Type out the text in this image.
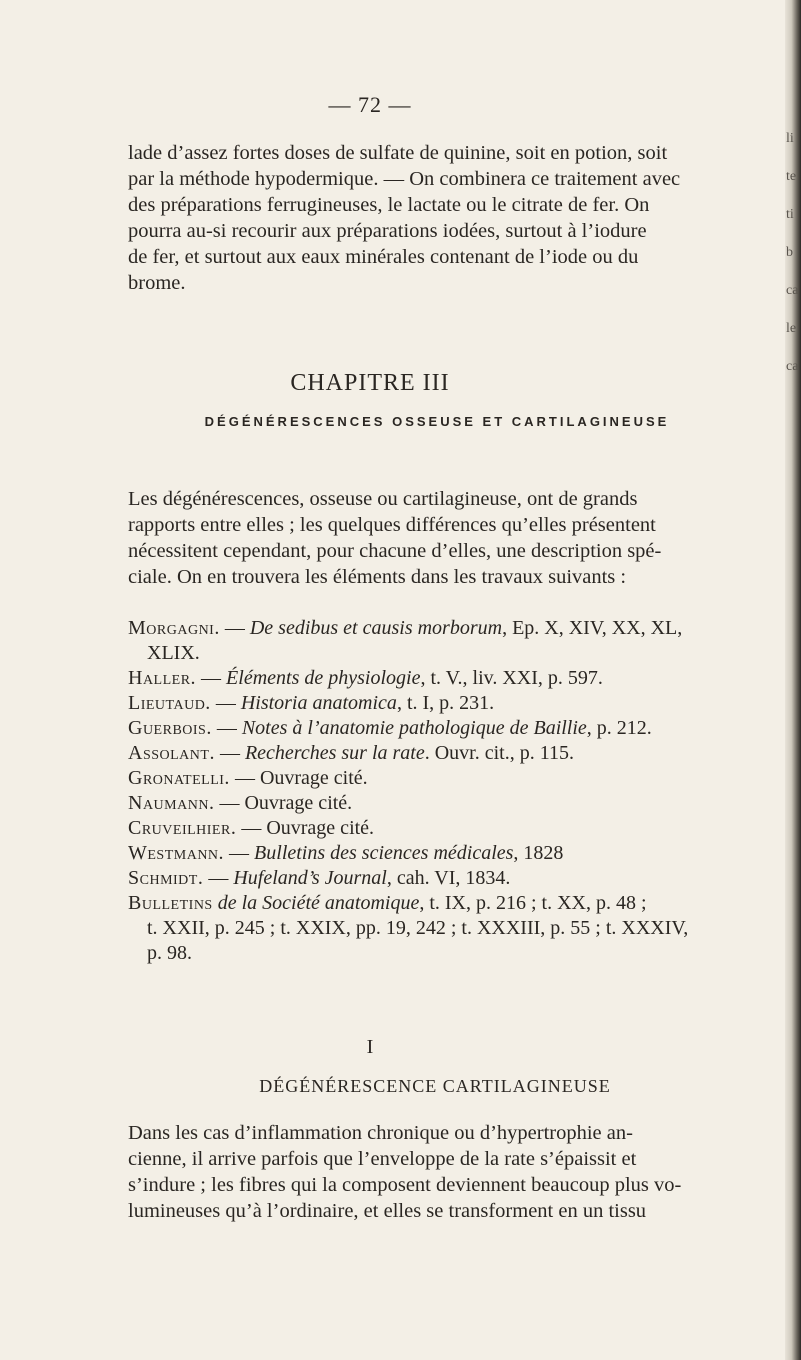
— 72 —
lade d’assez fortes doses de sulfate de quinine, soit en potion, soit
par la méthode hypodermique. — On combinera ce traitement avec
des préparations ferrugineuses, le lactate ou le citrate de fer. On
pourra au‑si recourir aux préparations iodées, surtout à l’iodure
de fer, et surtout aux eaux minérales contenant de l’iode ou du
brome.
CHAPITRE III
DÉGÉNÉRESCENCES OSSEUSE ET CARTILAGINEUSE
Les dégénérescences, osseuse ou cartilagineuse, ont de grands
rapports entre elles ; les quelques différences qu’elles présentent
nécessitent cependant, pour chacune d’elles, une description spé-
ciale. On en trouvera les éléments dans les travaux suivants :
Morgagni. — De sedibus et causis morborum, Ep. X, XIV, XX, XL,
XLIX.
Haller. — Éléments de physiologie, t. V., liv. XXI, p. 597.
Lieutaud. — Historia anatomica, t. I, p. 231.
Guerbois. — Notes à l’anatomie pathologique de Baillie, p. 212.
Assolant. — Recherches sur la rate. Ouvr. cit., p. 115.
Gronatelli. — Ouvrage cité.
Naumann. — Ouvrage cité.
Cruveilhier. — Ouvrage cité.
Westmann. — Bulletins des sciences médicales, 1828
Schmidt. — Hufeland’s Journal, cah. VI, 1834.
Bulletins de la Société anatomique, t. IX, p. 216 ; t. XX, p. 48 ;
t. XXII, p. 245 ; t. XXIX, pp. 19, 242 ; t. XXXIII, p. 55 ; t. XXXIV,
p. 98.
I
DÉGÉNÉRESCENCE CARTILAGINEUSE
Dans les cas d’inflammation chronique ou d’hypertrophie an-
cienne, il arrive parfois que l’enveloppe de la rate s’épaissit et
s’indure ; les fibres qui la composent deviennent beaucoup plus vo-
lumineuses qu’à l’ordinaire, et elles se transforment en un tissu
li
te
ti
b
ca
le
ca
